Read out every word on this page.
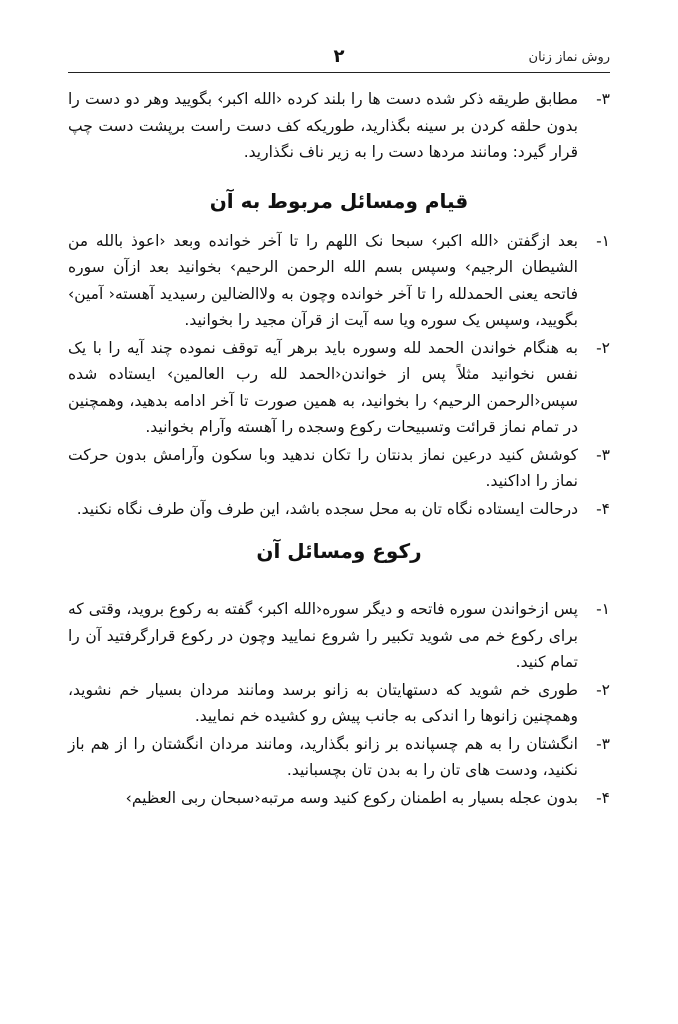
روش نماز زنان
۲

۳-
مطابق طریقه ذکر شده دست ها را بلند کرده ‹الله اکبر› بگویید وهر دو دست را بدون حلقه کردن بر سینه بگذارید، طوریکه کف دست راست برپشت دست چپ قرار گیرد: ومانند مردها دست را به زیر ناف نگذارید.

قیام ومسائل مربوط به آن

۱-
بعد ازگفتن ‹الله اکبر› سبحا نک اللهم را تا آخر خوانده وبعد ‹اعوذ بالله من الشیطان الرجیم› وسپس بسم الله الرحمن الرحیم› بخوانید بعد ازآن سوره فاتحه یعنی الحمدلله را تا آخر خوانده وچون به ولاالضالین رسیدید آهسته‹ آمین› بگویید، وسپس یک سوره ویا سه آیت از قرآن مجید را بخوانید.

۲-
به هنگام خواندن الحمد لله وسوره باید برهر آیه توقف نموده چند آیه را با یک نفس نخوانید مثلاً پس از خواندن‹الحمد لله رب العالمین› ایستاده شده سپس‹الرحمن الرحیم› را بخوانید، به همین صورت تا آخر ادامه بدهید، وهمچنین در تمام نماز قرائت وتسبیحات رکوع وسجده را آهسته وآرام بخوانید.

۳-
کوشش کنید درعین نماز بدنتان را تکان ندهید وبا سکون وآرامش بدون حرکت نماز را اداکنید.

۴-
درحالت ایستاده نگاه تان به محل سجده باشد، این طرف وآن طرف نگاه نکنید.

رکوع ومسائل آن

۱-
پس ازخواندن سوره فاتحه و دیگر سوره‹الله اکبر› گفته به رکوع بروید، وقتی که برای رکوع خم می شوید تکبیر را شروع نمایید وچون در رکوع قرارگرفتید آن را تمام کنید.

۲-
طوری خم شوید که دستهایتان به زانو برسد ومانند مردان بسیار خم نشوید، وهمچنین زانوها را اندکی به جانب پیش رو کشیده خم نمایید.

۳-
انگشتان را به هم چسپانده بر زانو بگذارید، ومانند مردان انگشتان را از هم باز نکنید، ودست های تان را به بدن تان بچسبانید.

۴-
بدون عجله بسیار به اطمنان رکوع کنید وسه مرتبه‹سبحان ربی العظیم›
